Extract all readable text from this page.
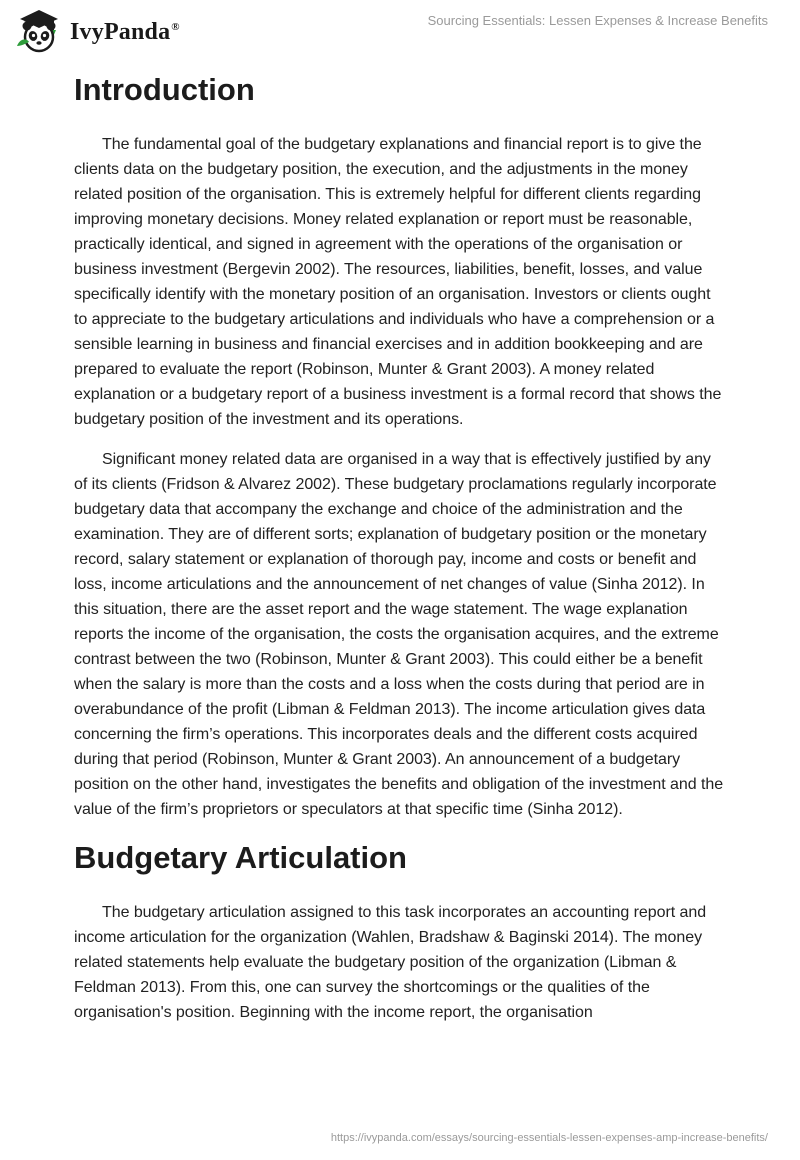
IvyPanda®	Sourcing Essentials: Lessen Expenses & Increase Benefits
Introduction

The fundamental goal of the budgetary explanations and financial report is to give the clients data on the budgetary position, the execution, and the adjustments in the money related position of the organisation. This is extremely helpful for different clients regarding improving monetary decisions. Money related explanation or report must be reasonable, practically identical, and signed in agreement with the operations of the organisation or business investment (Bergevin 2002). The resources, liabilities, benefit, losses, and value specifically identify with the monetary position of an organisation. Investors or clients ought to appreciate to the budgetary articulations and individuals who have a comprehension or a sensible learning in business and financial exercises and in addition bookkeeping and are prepared to evaluate the report (Robinson, Munter & Grant 2003). A money related explanation or a budgetary report of a business investment is a formal record that shows the budgetary position of the investment and its operations.

Significant money related data are organised in a way that is effectively justified by any of its clients (Fridson & Alvarez 2002). These budgetary proclamations regularly incorporate budgetary data that accompany the exchange and choice of the administration and the examination. They are of different sorts; explanation of budgetary position or the monetary record, salary statement or explanation of thorough pay, income and costs or benefit and loss, income articulations and the announcement of net changes of value (Sinha 2012). In this situation, there are the asset report and the wage statement. The wage explanation reports the income of the organisation, the costs the organisation acquires, and the extreme contrast between the two (Robinson, Munter & Grant 2003). This could either be a benefit when the salary is more than the costs and a loss when the costs during that period are in overabundance of the profit (Libman & Feldman 2013). The income articulation gives data concerning the firm’s operations. This incorporates deals and the different costs acquired during that period (Robinson, Munter & Grant 2003). An announcement of a budgetary position on the other hand, investigates the benefits and obligation of the investment and the value of the firm’s proprietors or speculators at that specific time (Sinha 2012).

Budgetary Articulation

The budgetary articulation assigned to this task incorporates an accounting report and income articulation for the organization (Wahlen, Bradshaw & Baginski 2014). The money related statements help evaluate the budgetary position of the organization (Libman & Feldman 2013). From this, one can survey the shortcomings or the qualities of the organisation's position. Beginning with the income report, the organisation

https://ivypanda.com/essays/sourcing-essentials-lessen-expenses-amp-increase-benefits/
